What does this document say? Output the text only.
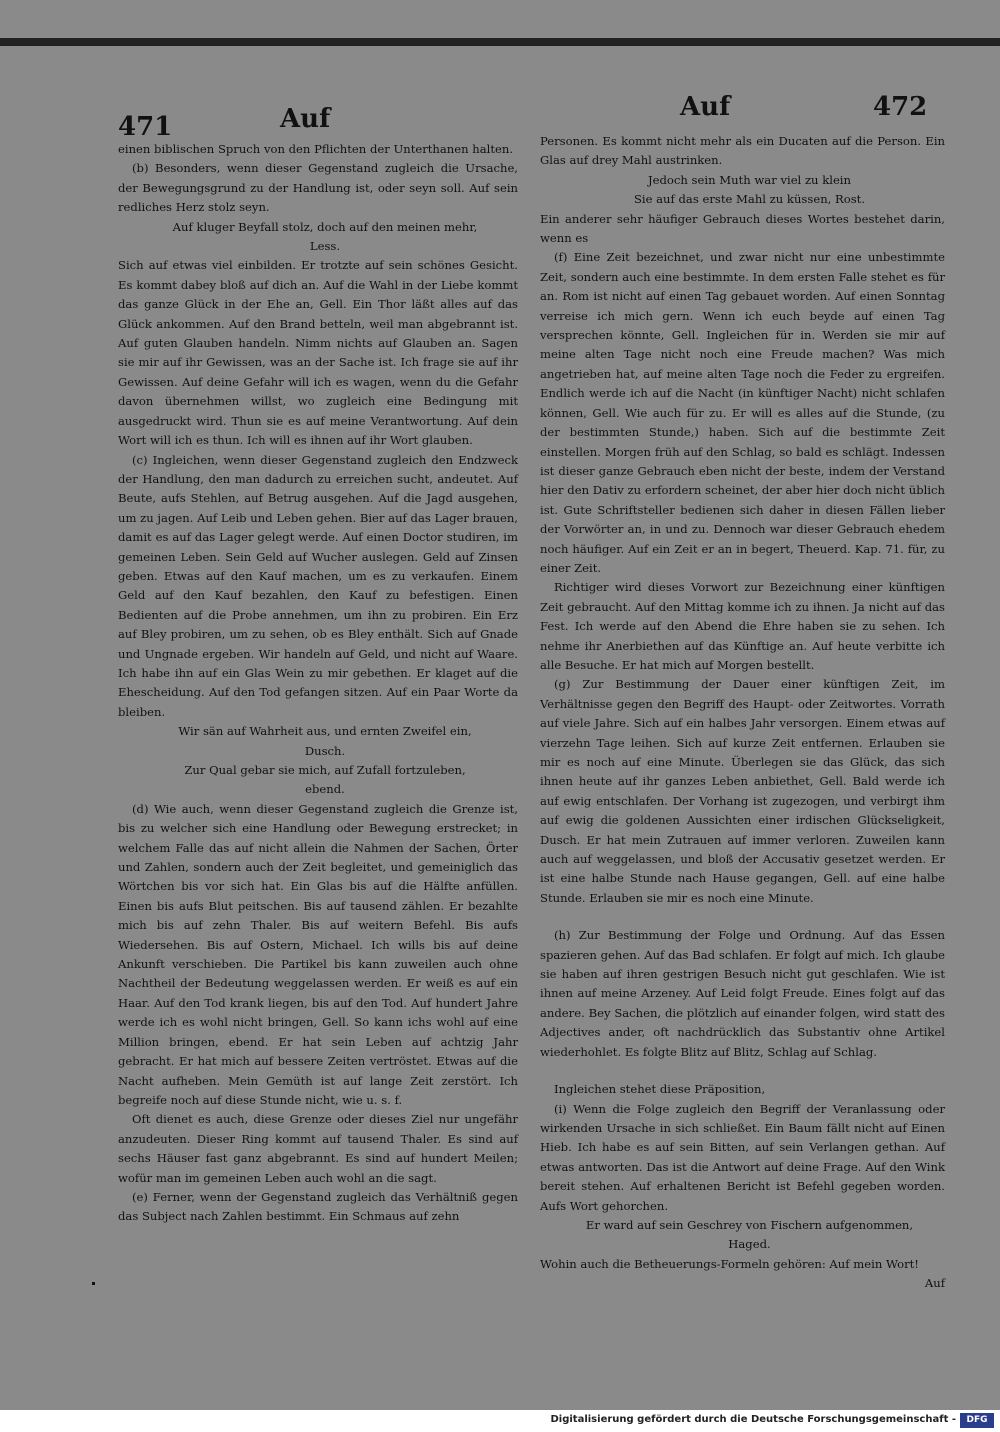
471	Auf	Auf	472

einen biblischen Spruch von den Pflichten der Unterthanen halten.

(b) Besonders, wenn dieser Gegenstand zugleich die Ursache, der Bewegungsgrund zu der Handlung ist, oder seyn soll. Auf sein redliches Herz stolz seyn.

Auf kluger Beyfall stolz, doch auf den meinen mehr,

Less.

Sich auf etwas viel einbilden. Er trotzte auf sein schönes Gesicht. Es kommt dabey bloß auf dich an. Auf die Wahl in der Liebe kommt das ganze Glück in der Ehe an, Gell. Ein Thor läßt alles auf das Glück ankommen. Auf den Brand betteln, weil man abgebrannt ist. Auf guten Glauben handeln. Nimm nichts auf Glauben an. Sagen sie mir auf ihr Gewissen, was an der Sache ist. Ich frage sie auf ihr Gewissen. Auf deine Gefahr will ich es wagen, wenn du die Gefahr davon übernehmen willst, wo zugleich eine Bedingung mit ausgedruckt wird. Thun sie es auf meine Verantwortung. Auf dein Wort will ich es thun. Ich will es ihnen auf ihr Wort glauben.

(c) Ingleichen, wenn dieser Gegenstand zugleich den Endzweck der Handlung, den man dadurch zu erreichen sucht, andeutet. Auf Beute, aufs Stehlen, auf Betrug ausgehen. Auf die Jagd ausgehen, um zu jagen. Auf Leib und Leben gehen. Bier auf das Lager brauen, damit es auf das Lager gelegt werde. Auf einen Doctor studiren, im gemeinen Leben. Sein Geld auf Wucher auslegen. Geld auf Zinsen geben. Etwas auf den Kauf machen, um es zu verkaufen. Einem Geld auf den Kauf bezahlen, den Kauf zu befestigen. Einen Bedienten auf die Probe annehmen, um ihn zu probiren. Ein Erz auf Bley probiren, um zu sehen, ob es Bley enthält. Sich auf Gnade und Ungnade ergeben. Wir handeln auf Geld, und nicht auf Waare. Ich habe ihn auf ein Glas Wein zu mir gebethen. Er klaget auf die Ehescheidung. Auf den Tod gefangen sitzen. Auf ein Paar Worte da bleiben.

Wir sän auf Wahrheit aus, und ernten Zweifel ein,

Dusch.

Zur Qual gebar sie mich, auf Zufall fortzuleben,

ebend.

(d) Wie auch, wenn dieser Gegenstand zugleich die Grenze ist, bis zu welcher sich eine Handlung oder Bewegung erstrecket; in welchem Falle das auf nicht allein die Nahmen der Sachen, Örter und Zahlen, sondern auch der Zeit begleitet, und gemeiniglich das Wörtchen bis vor sich hat. Ein Glas bis auf die Hälfte anfüllen. Einen bis aufs Blut peitschen. Bis auf tausend zählen. Er bezahlte mich bis auf zehn Thaler. Bis auf weitern Befehl. Bis aufs Wiedersehen. Bis auf Ostern, Michael. Ich wills bis auf deine Ankunft verschieben. Die Partikel bis kann zuweilen auch ohne Nachtheil der Bedeutung weggelassen werden. Er weiß es auf ein Haar. Auf den Tod krank liegen, bis auf den Tod. Auf hundert Jahre werde ich es wohl nicht bringen, Gell. So kann ichs wohl auf eine Million bringen, ebend. Er hat sein Leben auf achtzig Jahr gebracht. Er hat mich auf bessere Zeiten vertröstet. Etwas auf die Nacht aufheben. Mein Gemüth ist auf lange Zeit zerstört. Ich begreife noch auf diese Stunde nicht, wie u. s. f.

Oft dienet es auch, diese Grenze oder dieses Ziel nur ungefähr anzudeuten. Dieser Ring kommt auf tausend Thaler. Es sind auf sechs Häuser fast ganz abgebrannt. Es sind auf hundert Meilen; wofür man im gemeinen Leben auch wohl an die sagt.

(e) Ferner, wenn der Gegenstand zugleich das Verhältniß gegen das Subject nach Zahlen bestimmt. Ein Schmaus auf zehn

Personen. Es kommt nicht mehr als ein Ducaten auf die Person. Ein Glas auf drey Mahl austrinken.

Jedoch sein Muth war viel zu klein

Sie auf das erste Mahl zu küssen, Rost.

Ein anderer sehr häufiger Gebrauch dieses Wortes bestehet darin, wenn es

(f) Eine Zeit bezeichnet, und zwar nicht nur eine unbestimmte Zeit, sondern auch eine bestimmte. In dem ersten Falle stehet es für an. Rom ist nicht auf einen Tag gebauet worden. Auf einen Sonntag verreise ich mich gern. Wenn ich euch beyde auf einen Tag versprechen könnte, Gell. Ingleichen für in. Werden sie mir auf meine alten Tage nicht noch eine Freude machen? Was mich angetrieben hat, auf meine alten Tage noch die Feder zu ergreifen. Endlich werde ich auf die Nacht (in künftiger Nacht) nicht schlafen können, Gell. Wie auch für zu. Er will es alles auf die Stunde, (zu der bestimmten Stunde,) haben. Sich auf die bestimmte Zeit einstellen. Morgen früh auf den Schlag, so bald es schlägt. Indessen ist dieser ganze Gebrauch eben nicht der beste, indem der Verstand hier den Dativ zu erfordern scheinet, der aber hier doch nicht üblich ist. Gute Schriftsteller bedienen sich daher in diesen Fällen lieber der Vorwörter an, in und zu. Dennoch war dieser Gebrauch ehedem noch häufiger. Auf ein Zeit er an in begert, Theuerd. Kap. 71. für, zu einer Zeit.

Richtiger wird dieses Vorwort zur Bezeichnung einer künftigen Zeit gebraucht. Auf den Mittag komme ich zu ihnen. Ja nicht auf das Fest. Ich werde auf den Abend die Ehre haben sie zu sehen. Ich nehme ihr Anerbiethen auf das Künftige an. Auf heute verbitte ich alle Besuche. Er hat mich auf Morgen bestellt.

(g) Zur Bestimmung der Dauer einer künftigen Zeit, im Verhältnisse gegen den Begriff des Haupt- oder Zeitwortes. Vorrath auf viele Jahre. Sich auf ein halbes Jahr versorgen. Einem etwas auf vierzehn Tage leihen. Sich auf kurze Zeit entfernen. Erlauben sie mir es noch auf eine Minute. Überlegen sie das Glück, das sich ihnen heute auf ihr ganzes Leben anbiethet, Gell. Bald werde ich auf ewig entschlafen. Der Vorhang ist zugezogen, und verbirgt ihm auf ewig die goldenen Aussichten einer irdischen Glückseligkeit, Dusch. Er hat mein Zutrauen auf immer verloren. Zuweilen kann auch auf weggelassen, und bloß der Accusativ gesetzet werden. Er ist eine halbe Stunde nach Hause gegangen, Gell. auf eine halbe Stunde. Erlauben sie mir es noch eine Minute.

(h) Zur Bestimmung der Folge und Ordnung. Auf das Essen spazieren gehen. Auf das Bad schlafen. Er folgt auf mich. Ich glaube sie haben auf ihren gestrigen Besuch nicht gut geschlafen. Wie ist ihnen auf meine Arzeney. Auf Leid folgt Freude. Eines folgt auf das andere. Bey Sachen, die plötzlich auf einander folgen, wird statt des Adjectives ander, oft nachdrücklich das Substantiv ohne Artikel wiederhohlet. Es folgte Blitz auf Blitz, Schlag auf Schlag.

Ingleichen stehet diese Präposition,

(i) Wenn die Folge zugleich den Begriff der Veranlassung oder wirkenden Ursache in sich schließet. Ein Baum fällt nicht auf Einen Hieb. Ich habe es auf sein Bitten, auf sein Verlangen gethan. Auf etwas antworten. Das ist die Antwort auf deine Frage. Auf den Wink bereit stehen. Auf erhaltenen Bericht ist Befehl gegeben worden. Aufs Wort gehorchen.

Er ward auf sein Geschrey von Fischern aufgenommen,

Haged.

Wohin auch die Betheuerungs-Formeln gehören: Auf mein Wort!

Auf

Digitalisierung gefördert durch die Deutsche Forschungsgemeinschaft -	DFG
